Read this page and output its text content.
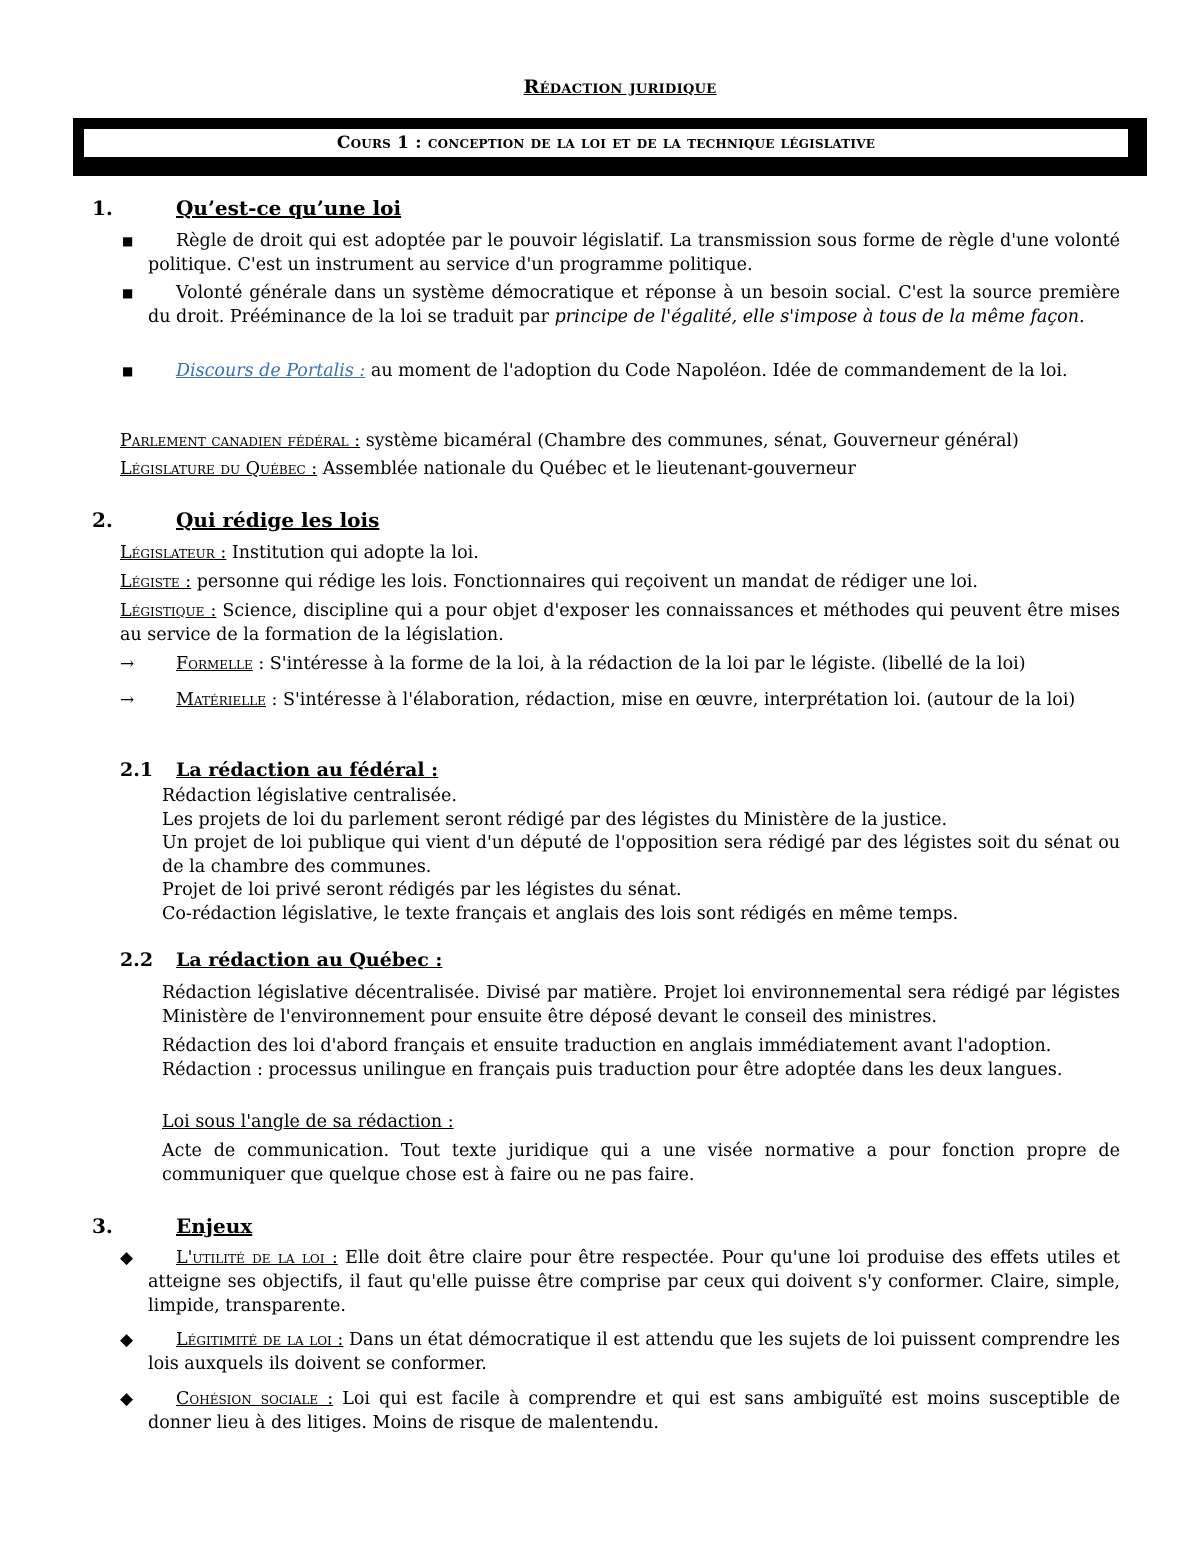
Rédaction juridique
Cours 1 : conception de la loi et de la technique législative
1.	Qu’est-ce qu’une loi
■	Règle de droit qui est adoptée par le pouvoir législatif. La transmission sous forme de règle d'une volonté politique. C'est un instrument au service d'un programme politique.
■	Volonté générale dans un système démocratique et réponse à un besoin social. C'est la source première du droit. Prééminance de la loi se traduit par principe de l'égalité, elle s'impose à tous de la même façon.
■	Discours de Portalis : au moment de l'adoption du Code Napoléon. Idée de commandement de la loi.
Parlement canadien fédéral : système bicaméral (Chambre des communes, sénat, Gouverneur général)
Législature du Québec : Assemblée nationale du Québec et le lieutenant-gouverneur
2.	Qui rédige les lois
Législateur : Institution qui adopte la loi.
Légiste : personne qui rédige les lois. Fonctionnaires qui reçoivent un mandat de rédiger une loi.
Légistique : Science, discipline qui a pour objet d'exposer les connaissances et méthodes qui peuvent être mises au service de la formation de la législation.
→	Formelle : S'intéresse à la forme de la loi, à la rédaction de la loi par le légiste. (libellé de la loi)
→	Matérielle : S'intéresse à l'élaboration, rédaction, mise en œuvre, interprétation loi. (autour de la loi)
2.1 La rédaction au fédéral :
Rédaction législative centralisée.
Les projets de loi du parlement seront rédigé par des légistes du Ministère de la justice.
Un projet de loi publique qui vient d'un député de l'opposition sera rédigé par des légistes soit du sénat ou de la chambre des communes.
Projet de loi privé seront rédigés par les légistes du sénat.
Co-rédaction législative, le texte français et anglais des lois sont rédigés en même temps.
2.2 La rédaction au Québec :
Rédaction législative décentralisée. Divisé par matière. Projet loi environnemental sera rédigé par légistes Ministère de l'environnement pour ensuite être déposé devant le conseil des ministres.
Rédaction des loi d'abord français et ensuite traduction en anglais immédiatement avant l'adoption.
Rédaction : processus unilingue en français puis traduction pour être adoptée dans les deux langues.
Loi sous l'angle de sa rédaction :
Acte de communication. Tout texte juridique qui a une visée normative a pour fonction propre de communiquer que quelque chose est à faire ou ne pas faire.
3.	Enjeux
◆	L'utilité de la loi : Elle doit être claire pour être respectée. Pour qu'une loi produise des effets utiles et atteigne ses objectifs, il faut qu'elle puisse être comprise par ceux qui doivent s'y conformer. Claire, simple, limpide, transparente.
◆	Légitimité de la loi : Dans un état démocratique il est attendu que les sujets de loi puissent comprendre les lois auxquels ils doivent se conformer.
◆	Cohésion sociale : Loi qui est facile à comprendre et qui est sans ambiguïté est moins susceptible de donner lieu à des litiges. Moins de risque de malentendu.
